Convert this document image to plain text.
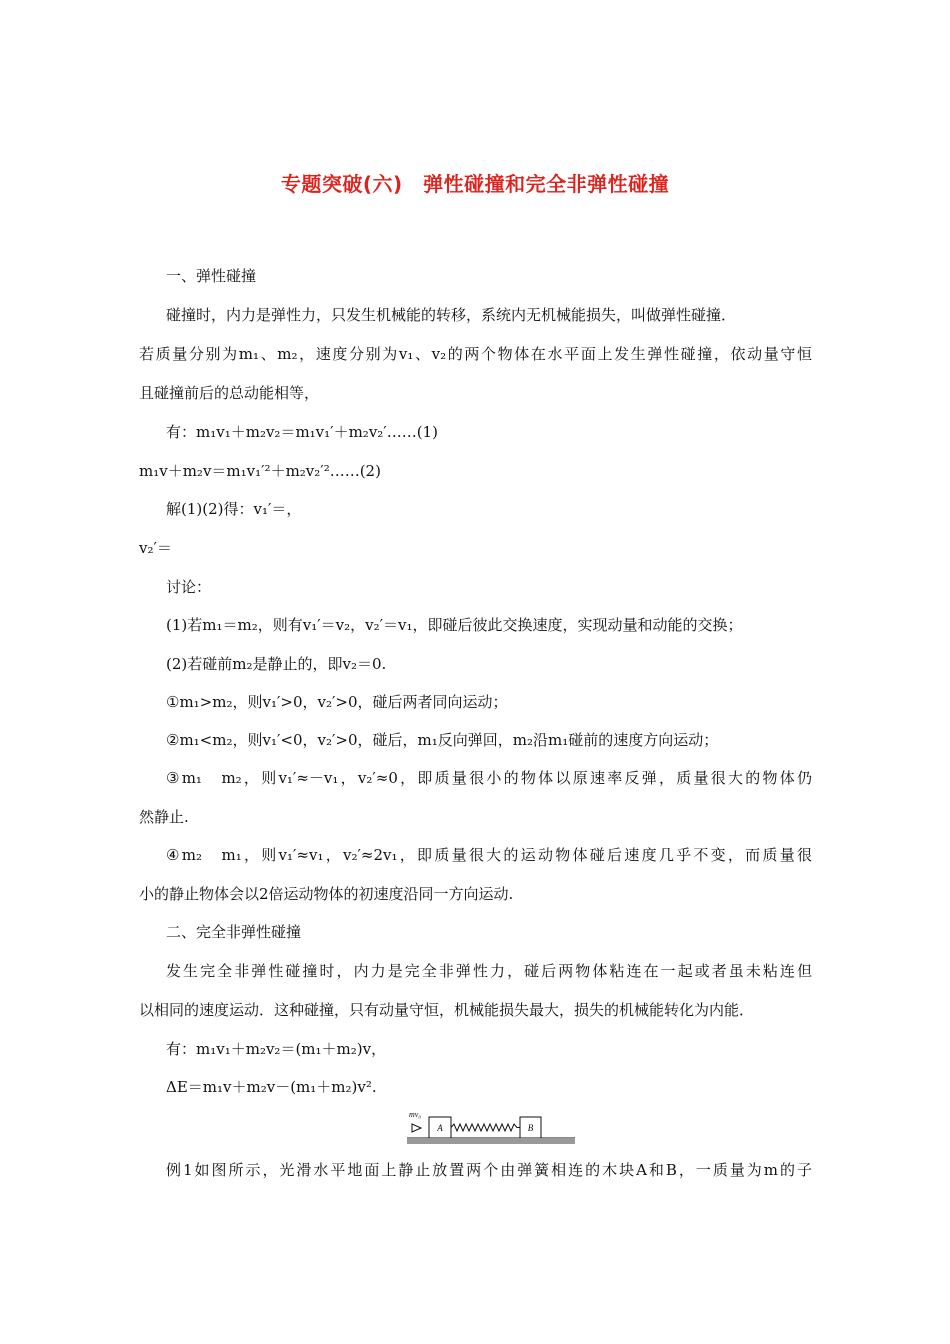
专题突破(六)　弹性碰撞和完全非弹性碰撞
一、弹性碰撞
碰撞时，内力是弹性力，只发生机械能的转移，系统内无机械能损失，叫做弹性碰撞．
若质量分别为m₁、m₂，速度分别为v₁、v₂的两个物体在水平面上发生弹性碰撞，依动量守恒
且碰撞前后的总动能相等，
有：m₁v₁＋m₂v₂＝m₁v₁′＋m₂v₂′……(1)
m₁v＋m₂v＝m₁v₁′²＋m₂v₂′²……(2)
解(1)(2)得：v₁′＝，
v₂′＝
讨论：
(1)若m₁＝m₂，则有v₁′＝v₂，v₂′＝v₁，即碰后彼此交换速度，实现动量和动能的交换；
(2)若碰前m₂是静止的，即v₂＝0.
①m₁>m₂，则v₁′>0，v₂′>0，碰后两者同向运动；
②m₁<m₂，则v₁′<0，v₂′>0，碰后，m₁反向弹回，m₂沿m₁碰前的速度方向运动；
③m₁　m₂，则v₁′≈－v₁，v₂′≈0，即质量很小的物体以原速率反弹，质量很大的物体仍
然静止.
④m₂　m₁，则v₁′≈v₁，v₂′≈2v₁，即质量很大的运动物体碰后速度几乎不变，而质量很
小的静止物体会以2倍运动物体的初速度沿同一方向运动.
二、完全非弹性碰撞
发生完全非弹性碰撞时，内力是完全非弹性力，碰后两物体粘连在一起或者虽未粘连但
以相同的速度运动．这种碰撞，只有动量守恒，机械能损失最大，损失的机械能转化为内能．
有：m₁v₁＋m₂v₂＝(m₁＋m₂)v，
ΔE＝m₁v＋m₂v－(m₁＋m₂)v².
mv₀
A	B
例1如图所示，光滑水平地面上静止放置两个由弹簧相连的木块A和B，一质量为m的子
